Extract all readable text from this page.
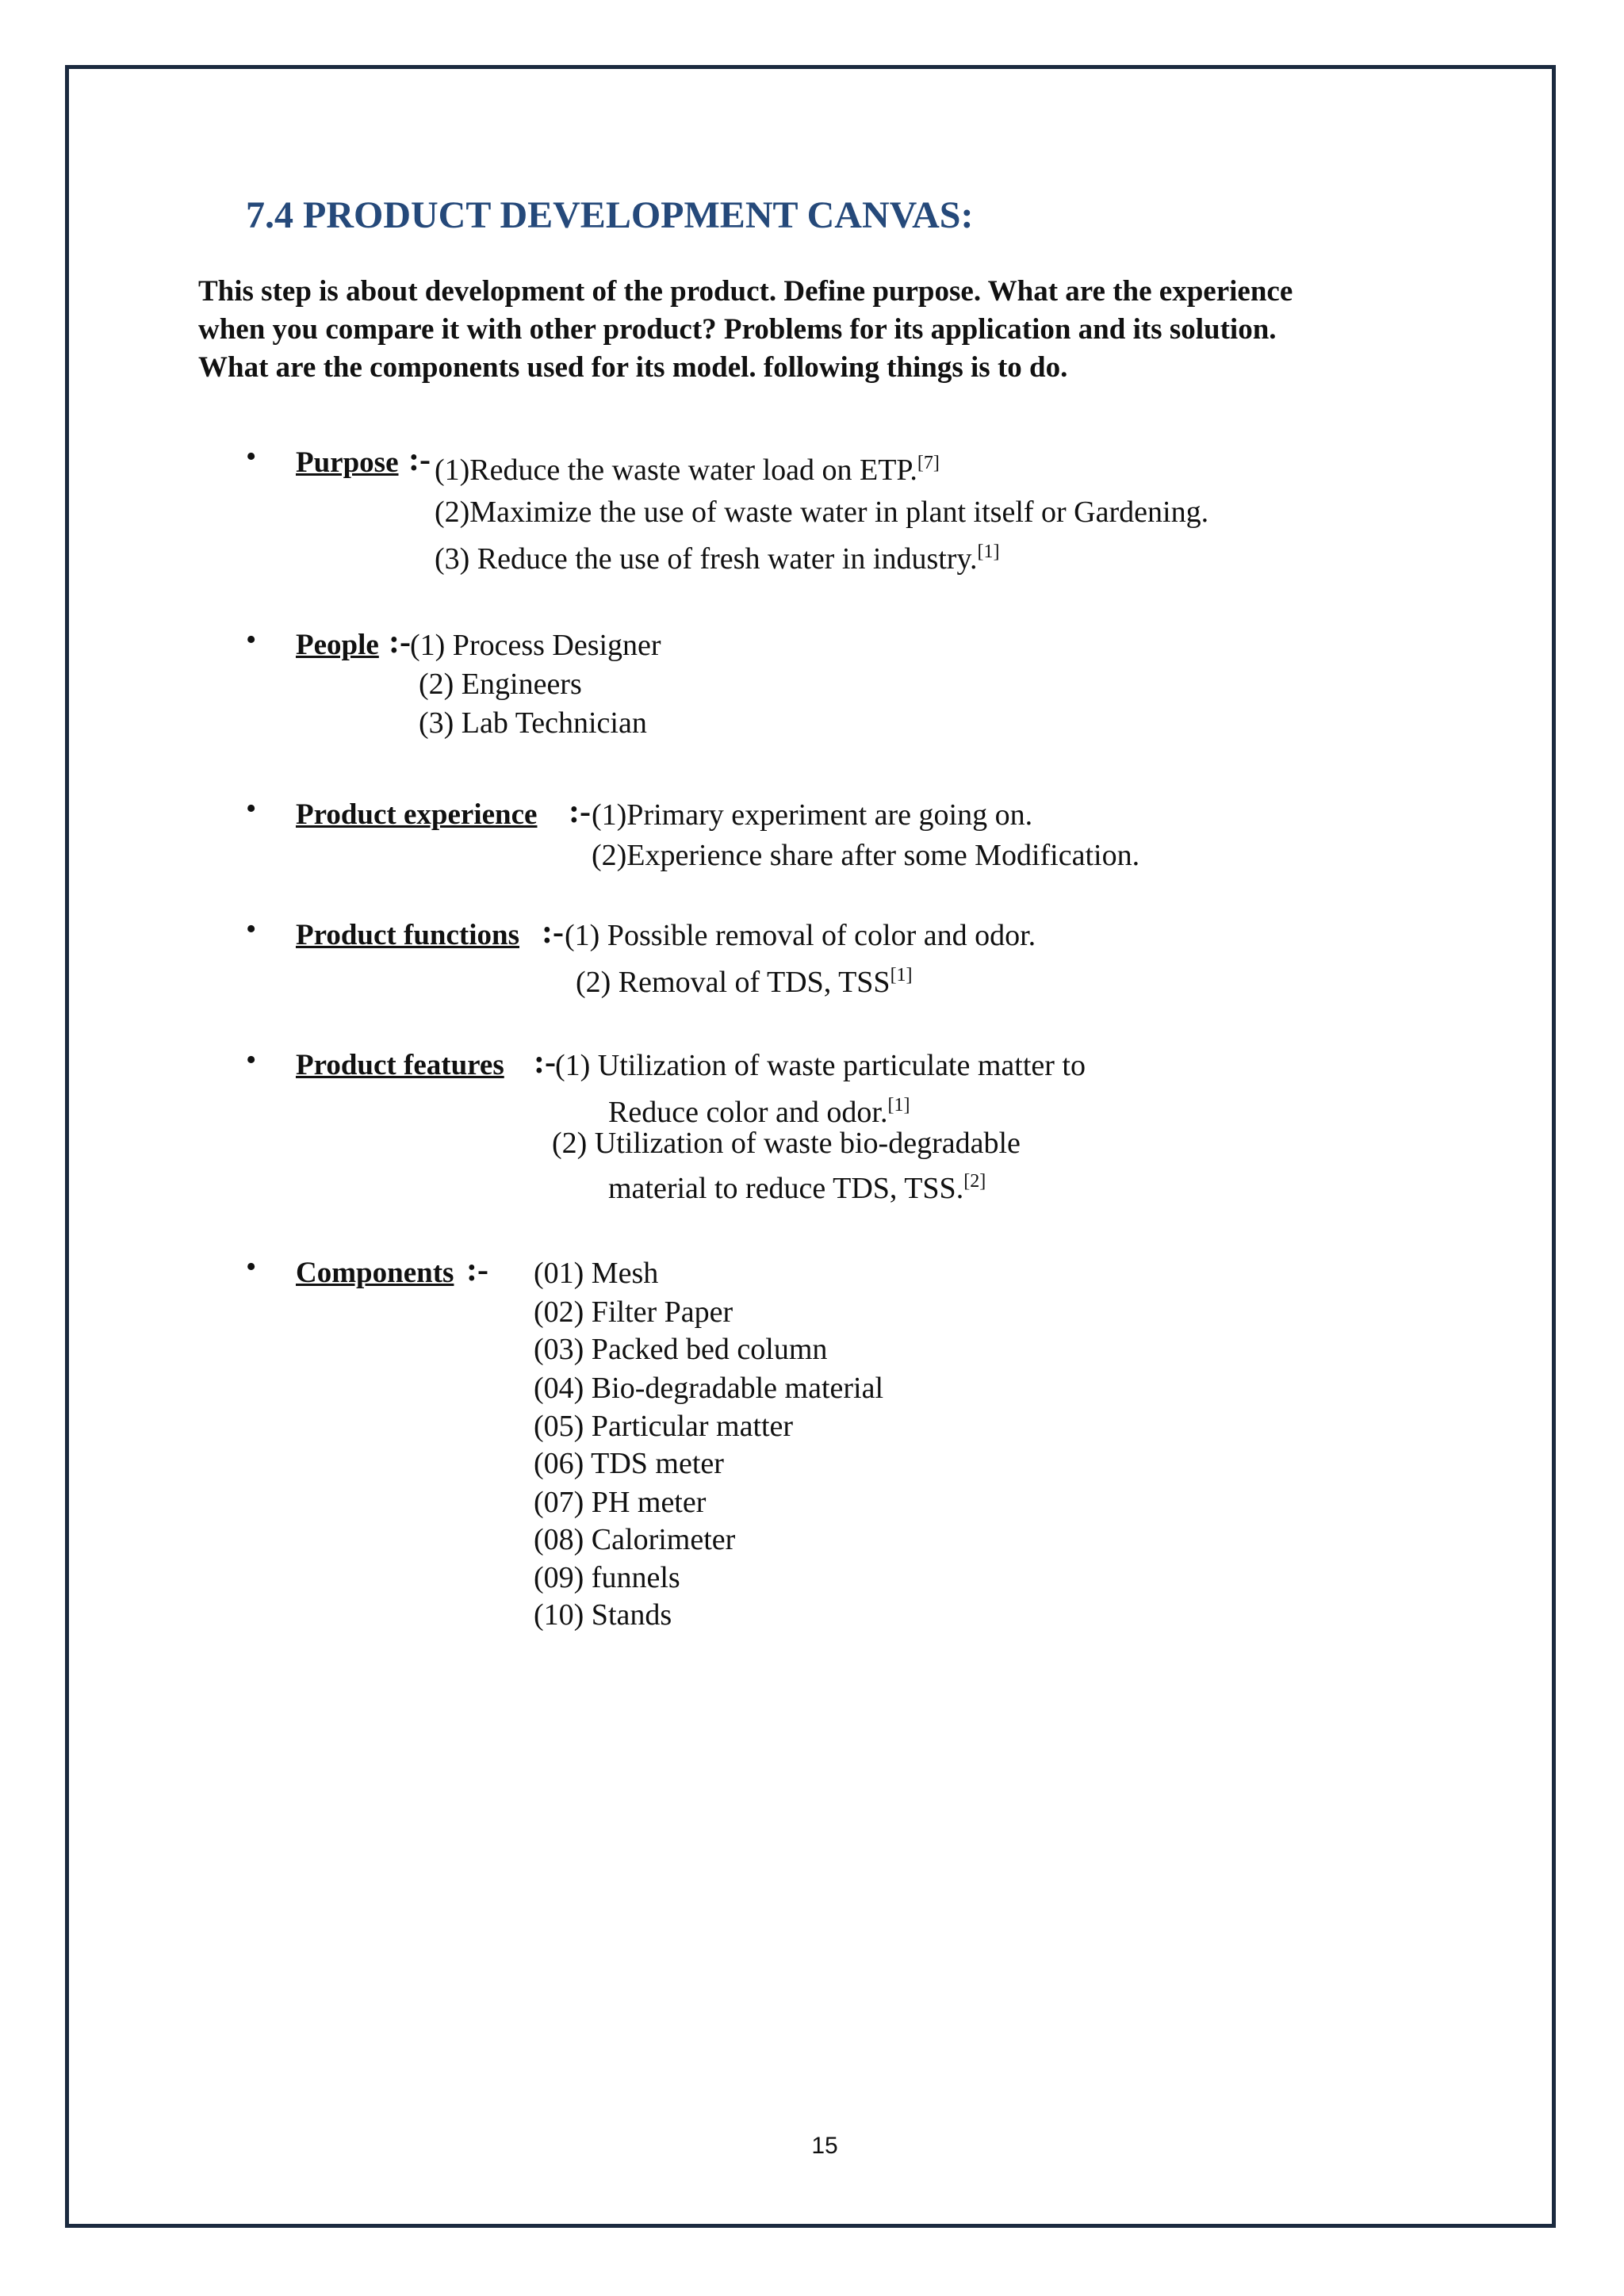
7.4 PRODUCT DEVELOPMENT CANVAS:

This step is about development of the product. Define purpose. What are the experience

when you compare it with other product? Problems for its application and its solution.

What are the components used for its model. following things is to do.

• Purpose :- (1)Reduce the waste water load on ETP.[7]
(2)Maximize the use of waste water in plant itself or Gardening.
(3) Reduce the use of fresh water in industry.[1]
• People :- (1) Process Designer
(2) Engineers
(3) Lab Technician
• Product experience :- (1)Primary experiment are going on.
(2)Experience share after some Modification.
• Product functions :- (1) Possible removal of color and odor.
(2) Removal of TDS, TSS[1]
• Product features :- (1) Utilization of waste particulate matter to
Reduce color and odor.[1]
(2) Utilization of waste bio-degradable
material to reduce TDS, TSS.[2]
• Components :- (01) Mesh
(02) Filter Paper
(03) Packed bed column
(04) Bio-degradable material
(05) Particular matter
(06) TDS meter
(07) PH meter
(08) Calorimeter
(09) funnels
(10) Stands
15
